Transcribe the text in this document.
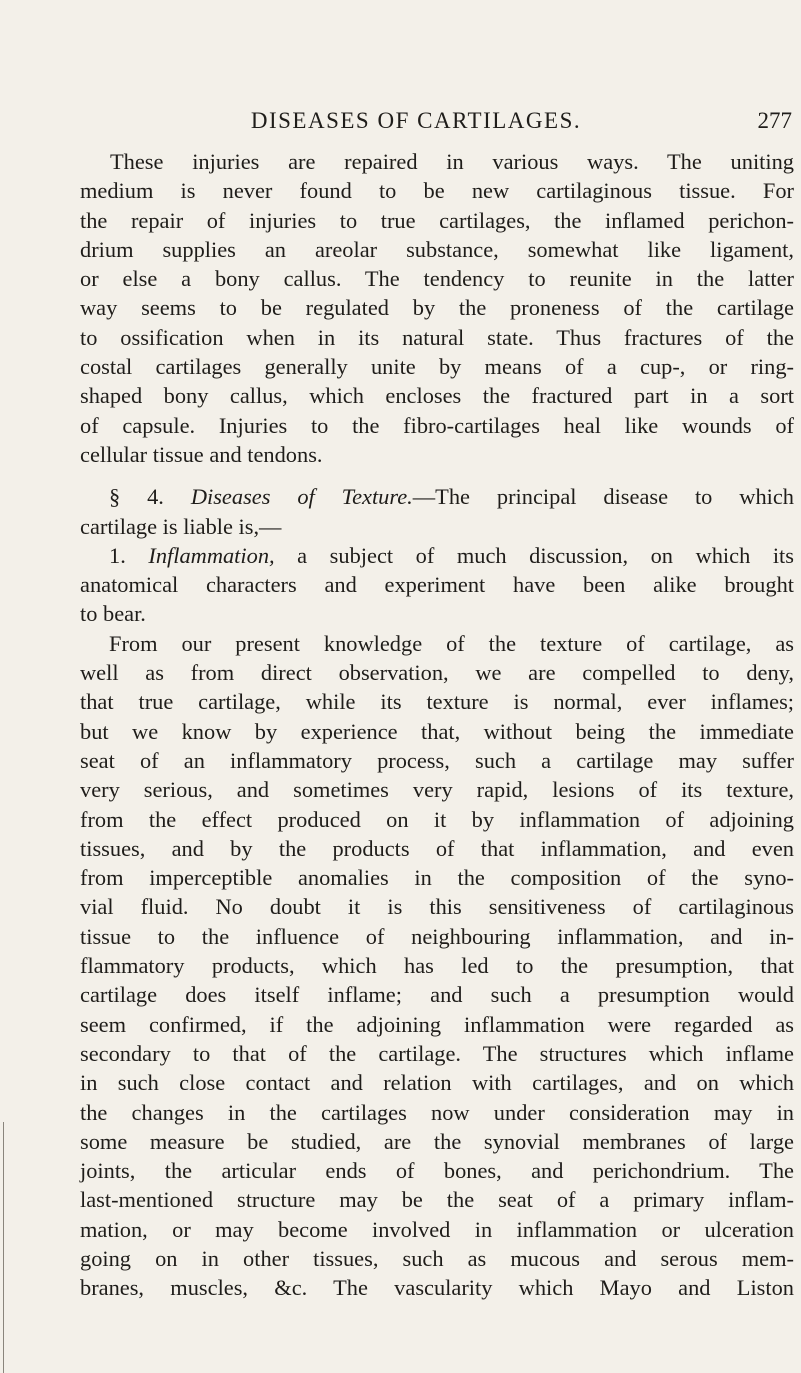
DISEASES OF CARTILAGES.	277
These injuries are repaired in various ways. The uniting
medium is never found to be new cartilaginous tissue. For
the repair of injuries to true cartilages, the inflamed perichon-
drium supplies an areolar substance, somewhat like ligament,
or else a bony callus. The tendency to reunite in the latter
way seems to be regulated by the proneness of the cartilage
to ossification when in its natural state. Thus fractures of the
costal cartilages generally unite by means of a cup-, or ring-
shaped bony callus, which encloses the fractured part in a sort
of capsule. Injuries to the fibro-cartilages heal like wounds of
cellular tissue and tendons.
§ 4. Diseases of Texture.—The principal disease to which
cartilage is liable is,—
1. Inflammation, a subject of much discussion, on which its
anatomical characters and experiment have been alike brought
to bear.
From our present knowledge of the texture of cartilage, as
well as from direct observation, we are compelled to deny,
that true cartilage, while its texture is normal, ever inflames;
but we know by experience that, without being the immediate
seat of an inflammatory process, such a cartilage may suffer
very serious, and sometimes very rapid, lesions of its texture,
from the effect produced on it by inflammation of adjoining
tissues, and by the products of that inflammation, and even
from imperceptible anomalies in the composition of the syno-
vial fluid. No doubt it is this sensitiveness of cartilaginous
tissue to the influence of neighbouring inflammation, and in-
flammatory products, which has led to the presumption, that
cartilage does itself inflame; and such a presumption would
seem confirmed, if the adjoining inflammation were regarded as
secondary to that of the cartilage. The structures which inflame
in such close contact and relation with cartilages, and on which
the changes in the cartilages now under consideration may in
some measure be studied, are the synovial membranes of large
joints, the articular ends of bones, and perichondrium. The
last-mentioned structure may be the seat of a primary inflam-
mation, or may become involved in inflammation or ulceration
going on in other tissues, such as mucous and serous mem-
branes, muscles, &c. The vascularity which Mayo and Liston
